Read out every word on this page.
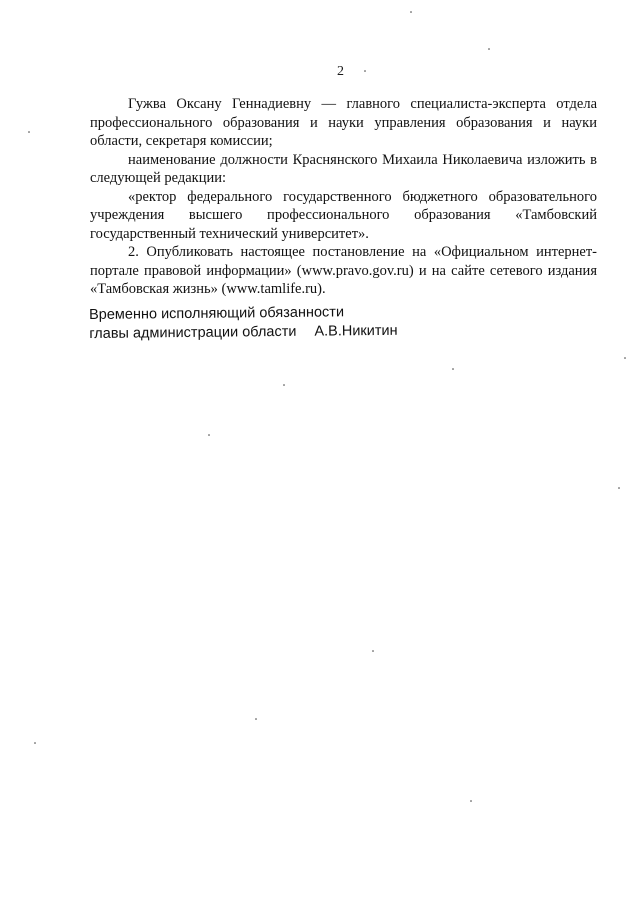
2

Гужва Оксану Геннадиевну — главного специалиста-эксперта отдела профессионального образования и науки управления образования и науки области, секретаря комиссии;

наименование должности Краснянского Михаила Николаевича изложить в следующей редакции:

«ректор федерального государственного бюджетного образовательного учреждения высшего профессионального образования «Тамбовский государственный технический университет».

2. Опубликовать настоящее постановление на «Официальном интернет-портале правовой информации» (www.pravo.gov.ru) и на сайте сетевого издания «Тамбовская жизнь» (www.tamlife.ru).

Временно исполняющий обязанности
главы администрации области А.В.Никитин
